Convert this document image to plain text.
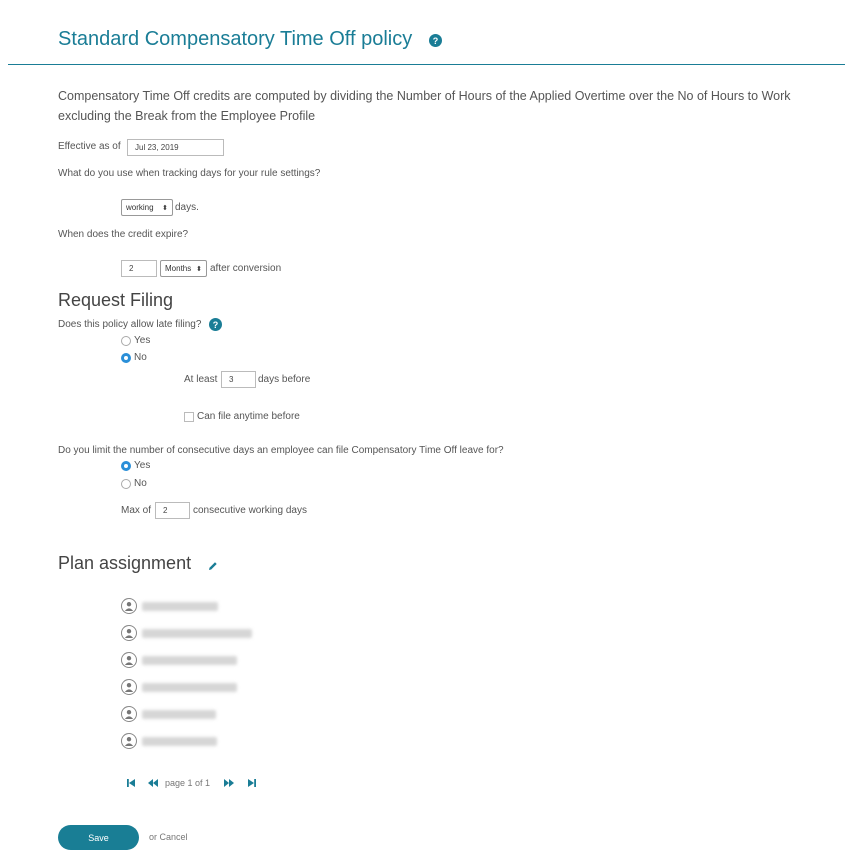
Standard Compensatory Time Off policy	?
Compensatory Time Off credits are computed by dividing the Number of Hours of the Applied Overtime over the No of Hours to Work excluding the Break from the Employee Profile
Effective as of	Jul 23, 2019
What do you use when tracking days for your rule settings?
working ⬍ days.
When does the credit expire?
2	Months ⬍ after conversion
Request Filing
Does this policy allow late filing?	?
Yes
No
At least	3	days before
Can file anytime before
Do you limit the number of consecutive days an employee can file Compensatory Time Off leave for?
Yes
No
Max of	2	consecutive working days
Plan assignment
page 1 of 1
Save	or Cancel
